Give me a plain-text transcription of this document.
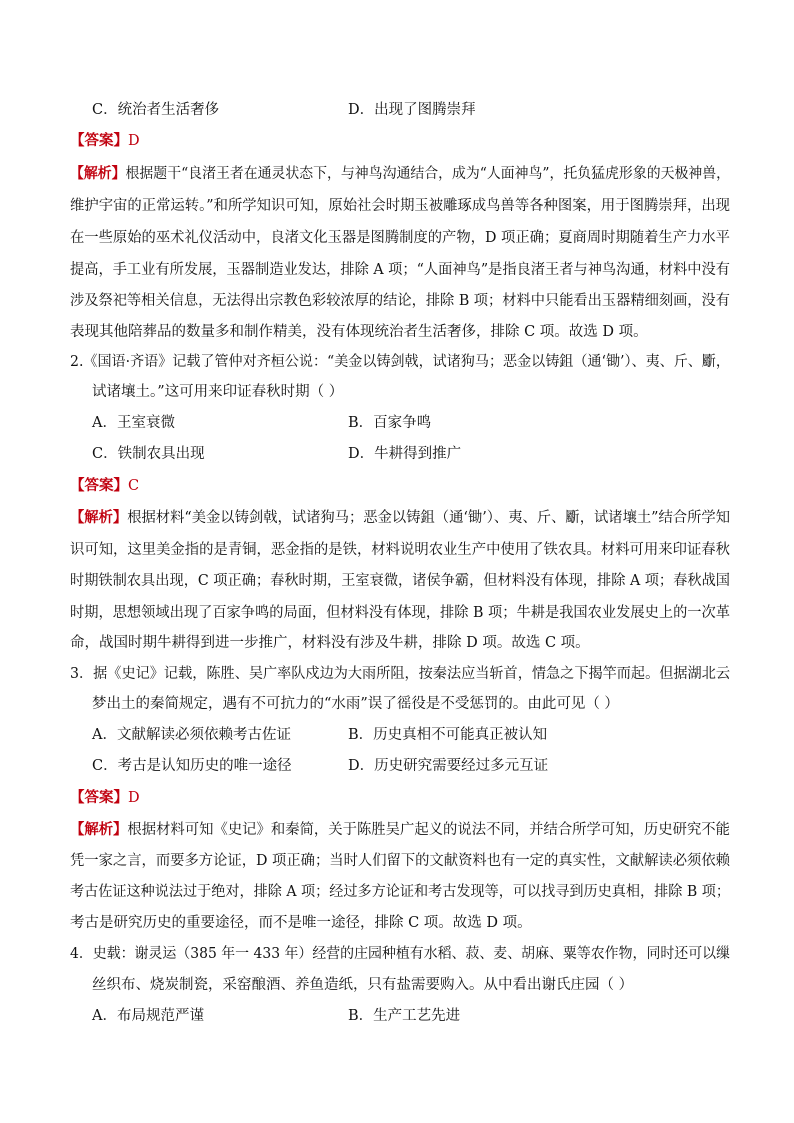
C．统治者生活奢侈	D．出现了图腾崇拜
【答案】D
【解析】根据题干“良渚王者在通灵状态下，与神鸟沟通结合，成为“人面神鸟”，托负猛虎形象的天极神兽，
维护宇宙的正常运转。”和所学知识可知，原始社会时期玉被雕琢成鸟兽等各种图案，用于图腾崇拜，出现
在一些原始的巫术礼仪活动中，良渚文化玉器是图腾制度的产物，D 项正确；夏商周时期随着生产力水平
提高，手工业有所发展，玉器制造业发达，排除 A 项；“人面神鸟”是指良渚王者与神鸟沟通，材料中没有
涉及祭祀等相关信息，无法得出宗教色彩较浓厚的结论，排除 B 项；材料中只能看出玉器精细刻画，没有
表现其他陪葬品的数量多和制作精美，没有体现统治者生活奢侈，排除 C 项。故选 D 项。
2.《国语·齐语》记载了管仲对齐桓公说：“美金以铸剑戟，试诸狗马；恶金以铸鉏（通‘锄’）、夷、斤、斸，
试诸壤土。”这可用来印证春秋时期（ ）
A．王室衰微	B．百家争鸣
C．铁制农具出现	D．牛耕得到推广
【答案】C
【解析】根据材料“美金以铸剑戟，试诸狗马；恶金以铸鉏（通‘锄’）、夷、斤、斸，试诸壤土”结合所学知
识可知，这里美金指的是青铜，恶金指的是铁，材料说明农业生产中使用了铁农具。材料可用来印证春秋
时期铁制农具出现，C 项正确；春秋时期，王室衰微，诸侯争霸，但材料没有体现，排除 A 项；春秋战国
时期，思想领域出现了百家争鸣的局面，但材料没有体现，排除 B 项；牛耕是我国农业发展史上的一次革
命，战国时期牛耕得到进一步推广，材料没有涉及牛耕，排除 D 项。故选 C 项。
3．据《史记》记载，陈胜、吴广率队戍边为大雨所阻，按秦法应当斩首，情急之下揭竿而起。但据湖北云
梦出土的秦简规定，遇有不可抗力的“水雨”误了徭役是不受惩罚的。由此可见（ ）
A．文献解读必须依赖考古佐证	B．历史真相不可能真正被认知
C．考古是认知历史的唯一途径	D．历史研究需要经过多元互证
【答案】D
【解析】根据材料可知《史记》和秦简，关于陈胜吴广起义的说法不同，并结合所学可知，历史研究不能
凭一家之言，而要多方论证，D 项正确；当时人们留下的文献资料也有一定的真实性，文献解读必须依赖
考古佐证这种说法过于绝对，排除 A 项；经过多方论证和考古发现等，可以找寻到历史真相，排除 B 项；
考古是研究历史的重要途径，而不是唯一途径，排除 C 项。故选 D 项。
4．史载：谢灵运（385 年一 433 年）经营的庄园种植有水稻、菽、麦、胡麻、粟等农作物，同时还可以缫
丝织布、烧炭制瓷，采窑酿酒、养鱼造纸，只有盐需要购入。从中看出谢氏庄园（ ）
A．布局规范严谨	B．生产工艺先进
